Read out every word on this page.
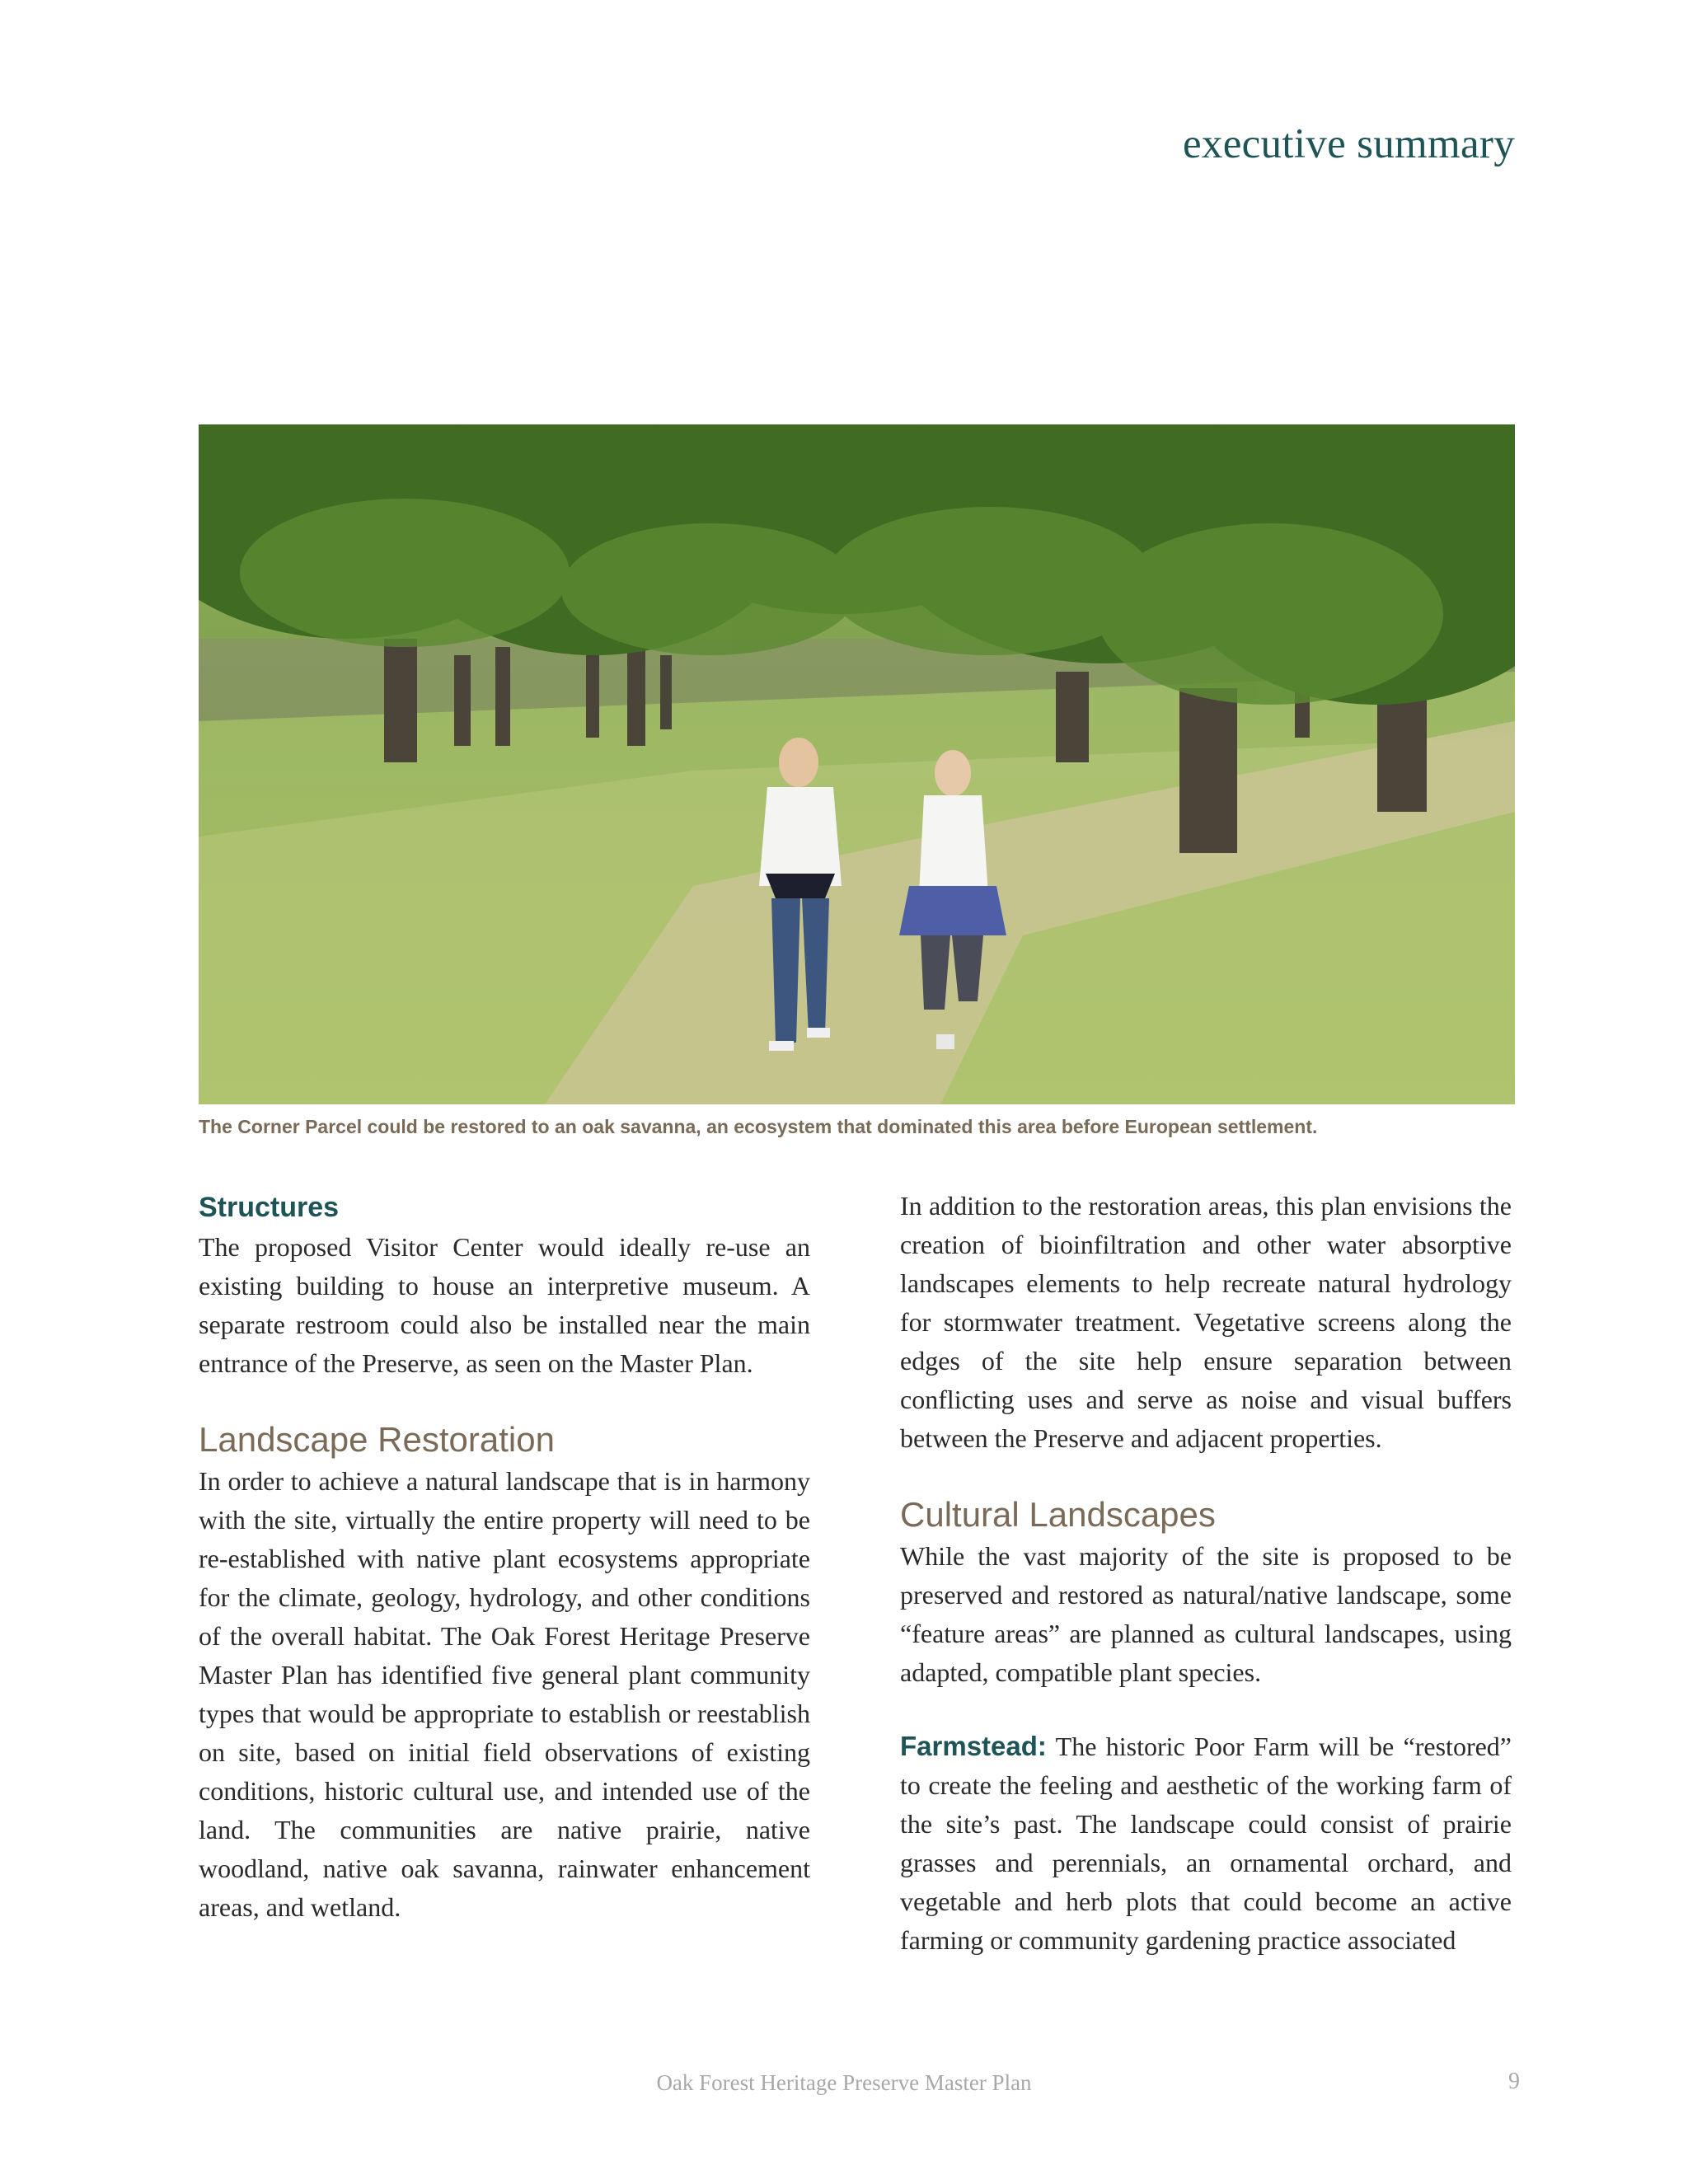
executive summary
The Corner Parcel could be restored to an oak savanna, an ecosystem that dominated this area before European settlement.
Structures

The proposed Visitor Center would ideally re-use an existing building to house an interpretive museum. A separate restroom could also be installed near the main entrance of the Preserve, as seen on the Master Plan.

Landscape Restoration

In order to achieve a natural landscape that is in harmony with the site, virtually the entire property will need to be re-established with native plant ecosystems appropriate for the climate, geology, hydrology, and other conditions of the overall habitat. The Oak Forest Heritage Preserve Master Plan has identified five general plant community types that would be appropriate to establish or reestablish on site, based on initial field observations of existing conditions, historic cultural use, and intended use of the land. The communities are native prairie, native woodland, native oak savanna, rainwater enhancement areas, and wetland.

In addition to the restoration areas, this plan envisions the creation of bioinfiltration and other water absorptive landscapes elements to help recreate natural hydrology for stormwater treatment. Vegetative screens along the edges of the site help ensure separation between conflicting uses and serve as noise and visual buffers between the Preserve and adjacent properties.

Cultural Landscapes

While the vast majority of the site is proposed to be preserved and restored as natural/native landscape, some “feature areas” are planned as cultural landscapes, using adapted, compatible plant species.

Farmstead: The historic Poor Farm will be “restored” to create the feeling and aesthetic of the working farm of the site’s past. The landscape could consist of prairie grasses and perennials, an ornamental orchard, and vegetable and herb plots that could become an active farming or community gardening practice associated

Oak Forest Heritage Preserve Master Plan	9
